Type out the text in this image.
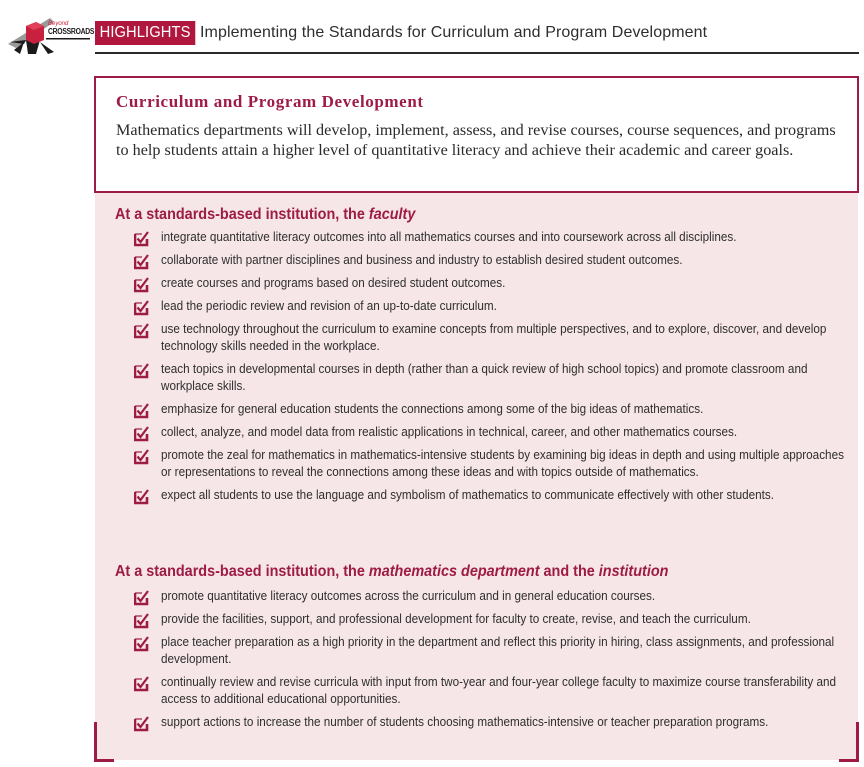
Beyond
CROSSROADS HIGHLIGHTS Implementing the Standards for Curriculum and Program Development
Curriculum and Program Development
Mathematics departments will develop, implement, assess, and revise courses, course sequences, and programs to help students attain a higher level of quantitative literacy and achieve their academic and career goals.
At a standards-based institution, the faculty
integrate quantitative literacy outcomes into all mathematics courses and into coursework across all disciplines.
collaborate with partner disciplines and business and industry to establish desired student outcomes.
create courses and programs based on desired student outcomes.
lead the periodic review and revision of an up-to-date curriculum.
use technology throughout the curriculum to examine concepts from multiple perspectives, and to explore, discover, and develop technology skills needed in the workplace.
teach topics in developmental courses in depth (rather than a quick review of high school topics) and promote classroom and workplace skills.
emphasize for general education students the connections among some of the big ideas of mathematics.
collect, analyze, and model data from realistic applications in technical, career, and other mathematics courses.
promote the zeal for mathematics in mathematics-intensive students by examining big ideas in depth and using multiple approaches or representations to reveal the connections among these ideas and with topics outside of mathematics.
expect all students to use the language and symbolism of mathematics to communicate effectively with other students.
At a standards-based institution, the mathematics department and the institution
promote quantitative literacy outcomes across the curriculum and in general education courses.
provide the facilities, support, and professional development for faculty to create, revise, and teach the curriculum.
place teacher preparation as a high priority in the department and reflect this priority in hiring, class assignments, and professional development.
continually review and revise curricula with input from two-year and four-year college faculty to maximize course transferability and access to additional educational opportunities.
support actions to increase the number of students choosing mathematics-intensive or teacher preparation programs.
